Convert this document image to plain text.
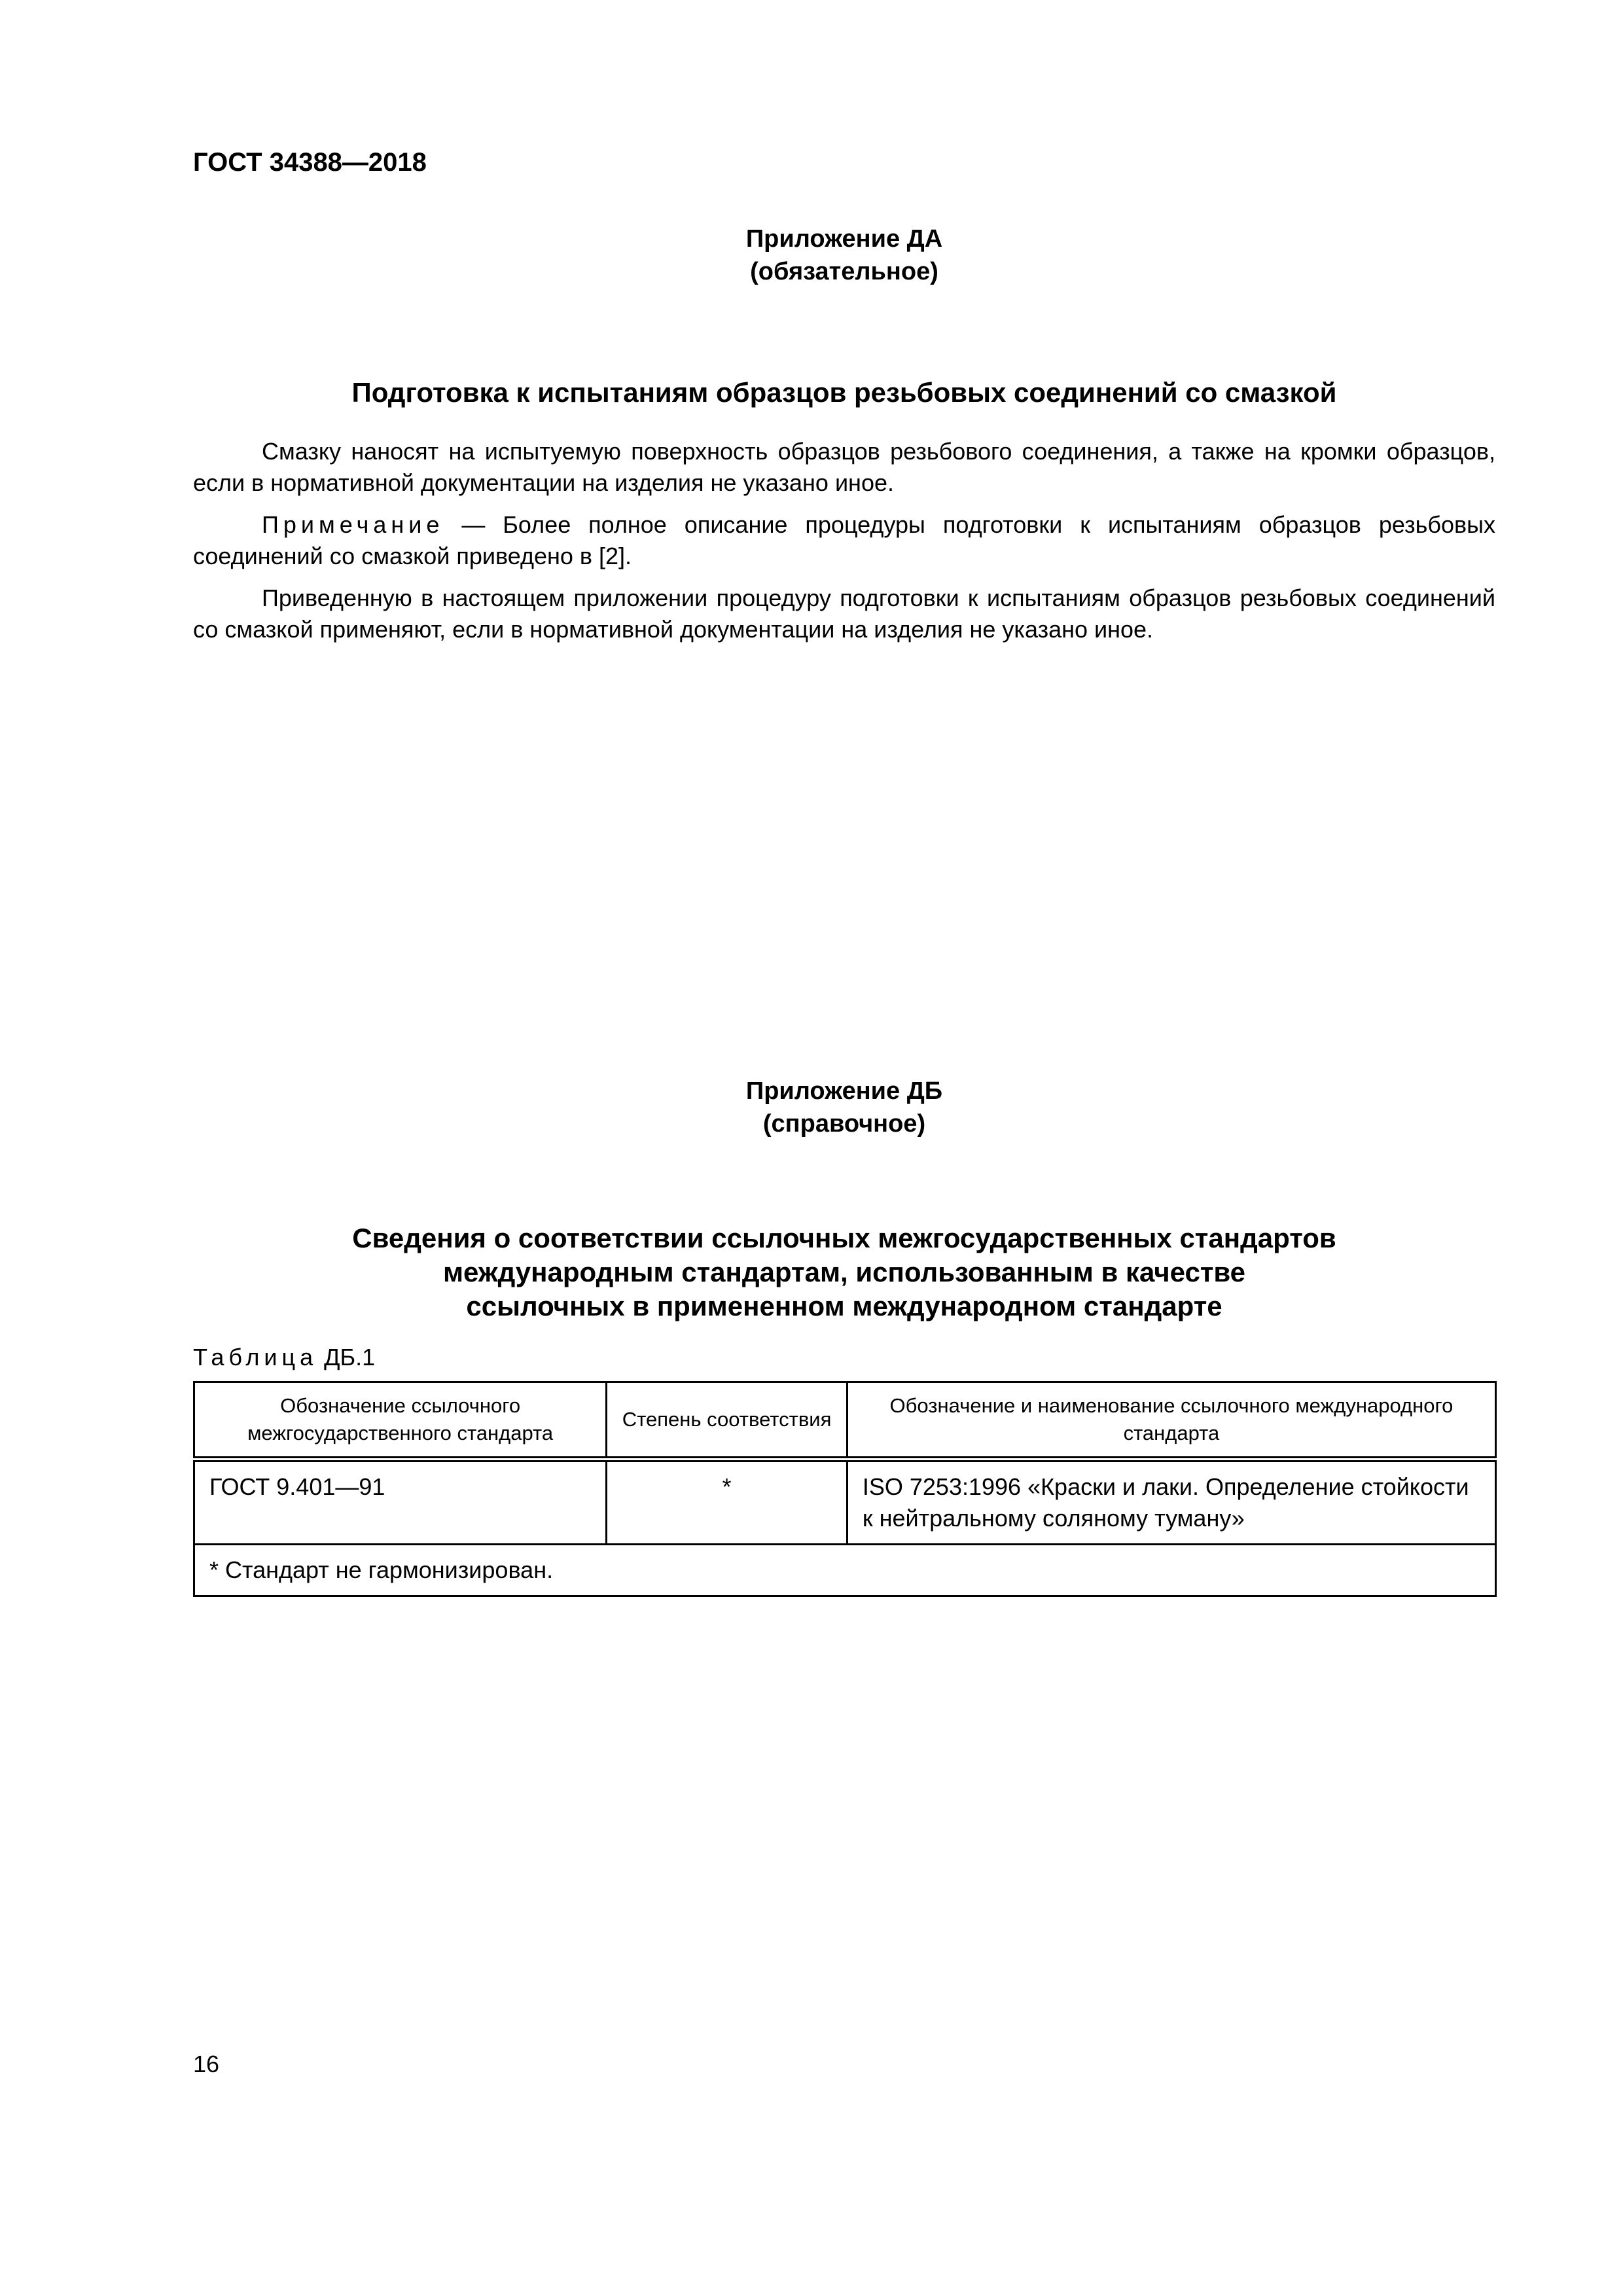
ГОСТ 34388—2018
Приложение ДА
(обязательное)
Подготовка к испытаниям образцов резьбовых соединений со смазкой
Смазку наносят на испытуемую поверхность образцов резьбового соединения, а также на кромки образцов, если в нормативной документации на изделия не указано иное.
Примечание — Более полное описание процедуры подготовки к испытаниям образцов резьбовых соединений со смазкой приведено в [2].
Приведенную в настоящем приложении процедуру подготовки к испытаниям образцов резьбовых соединений со смазкой применяют, если в нормативной документации на изделия не указано иное.
Приложение ДБ
(справочное)
Сведения о соответствии ссылочных межгосударственных стандартов
международным стандартам, использованным в качестве
ссылочных в примененном международном стандарте
Таблица ДБ.1
Обозначение ссылочного межгосударственного стандарта	Степень соответствия	Обозначение и наименование ссылочного международного стандарта
ГОСТ 9.401—91	*	ISO 7253:1996 «Краски и лаки. Определение стойкости к нейтральному соляному туману»
* Стандарт не гармонизирован.		
16
